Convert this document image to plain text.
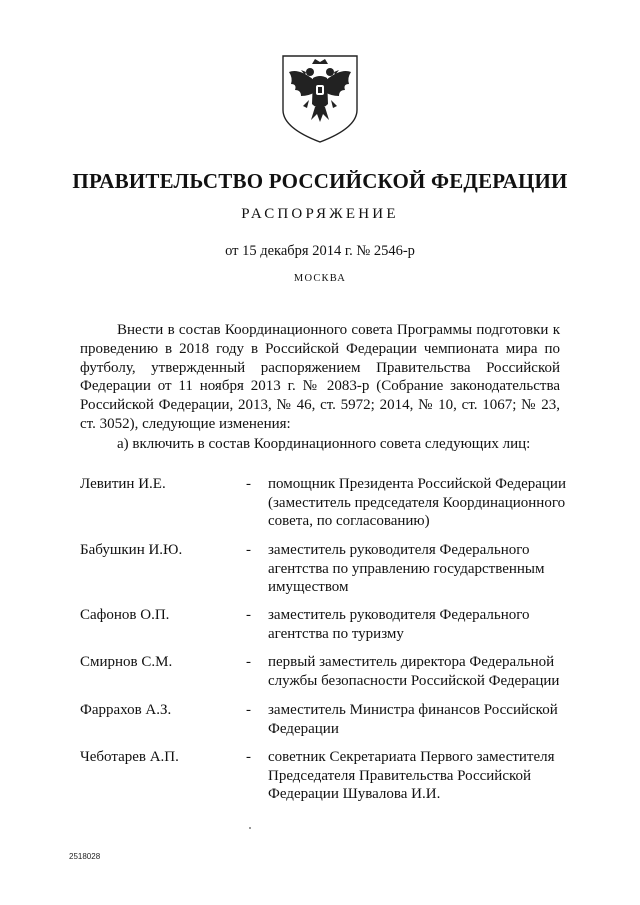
ПРАВИТЕЛЬСТВО РОССИЙСКОЙ ФЕДЕРАЦИИ
РАСПОРЯЖЕНИЕ
от 15 декабря 2014 г. № 2546-р
МОСКВА
Внести в состав Координационного совета Программы подготовки к проведению в 2018 году в Российской Федерации чемпионата мира по футболу, утвержденный распоряжением Правительства Российской Федерации от 11 ноября 2013 г. № 2083-р (Собрание законодательства Российской Федерации, 2013, № 46, ст. 5972; 2014, № 10, ст. 1067; № 23, ст. 3052), следующие изменения:
а) включить в состав Координационного совета следующих лиц:
Левитин И.Е.	- помощник Президента Российской Федерации (заместитель председателя Координационного совета, по согласованию)
Бабушкин И.Ю.	- заместитель руководителя Федерального агентства по управлению государственным имуществом
Сафонов О.П.	- заместитель руководителя Федерального агентства по туризму
Смирнов С.М.	- первый заместитель директора Федеральной службы безопасности Российской Федерации
Фаррахов А.З.	- заместитель Министра финансов Российской Федерации
Чеботарев А.П.	- советник Секретариата Первого заместителя Председателя Правительства Российской Федерации Шувалова И.И.
2518028
